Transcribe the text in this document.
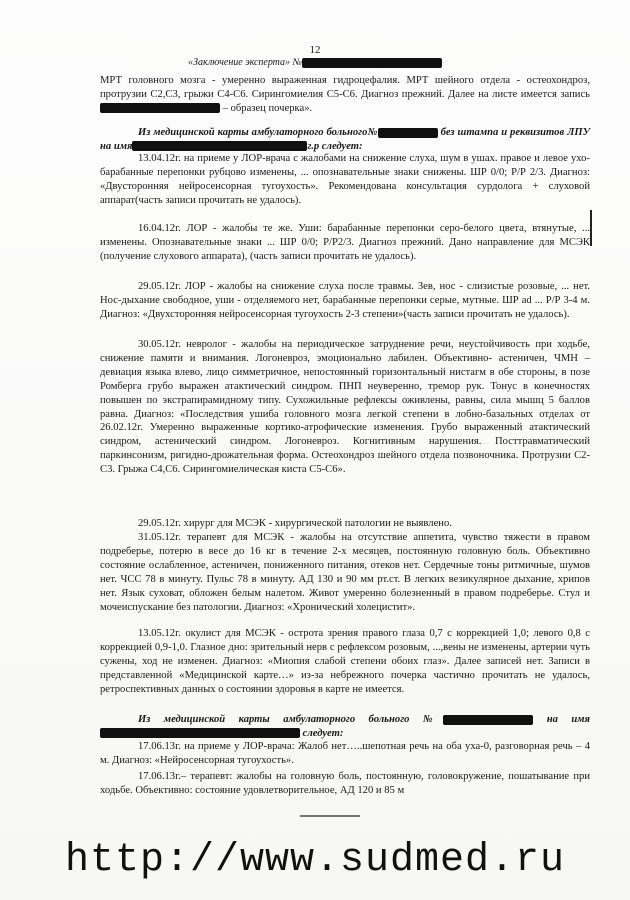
12
«Заключение эксперта» №

МРТ головного мозга - умеренно выраженная гидроцефалия. МРТ шейного отдела - остеохондроз, протрузии С2,С3, грыжи С4-С6. Сирингомиелия С5-С6. Диагноз прежний. Далее на листе имеется запись  – образец почерка».

Из медицинской карты амбулаторного больного№	без штампа и реквизитов ЛПУ на имя	г.р следует:

13.04.12г. на приеме у ЛОР-врача с жалобами на снижение слуха, шум в ушах. правое и левое ухо-барабанные перепонки рубцово изменены, ... опознавательные знаки снижены. ШР 0/0; Р/Р 2/3. Диагноз: «Двусторонняя нейросенсорная тугоухость». Рекомендована консультация сурдолога + слуховой аппарат(часть записи прочитать не удалось).

16.04.12г. ЛОР - жалобы те же. Уши: барабанные перепонки серо-белого цвета, втянутые, ... изменены. Опознавательные знаки ... ШР 0/0; Р/Р2/3. Диагноз прежний. Дано направление для МСЭК (получение слухового аппарата), (часть записи прочитать не удалось).

29.05.12г. ЛОР - жалобы на снижение слуха после травмы. Зев, нос - слизистые розовые, ... нет. Нос-дыхание свободное, уши - отделяемого нет, барабанные перепонки серые, мутные. ШР аd ... Р/Р 3-4 м. Диагноз: «Двухсторонняя нейросенсорная тугоухость 2-3 степени»(часть записи прочитать не удалось).

30.05.12г. невролог - жалобы на периодическое затруднение речи, неустойчивость при ходьбе, снижение памяти и внимания. Логоневроз, эмоционально лабилен. Объективно- астеничен, ЧМН – девиация языка влево, лицо симметричное, непостоянный горизонтальный нистагм в обе стороны, в позе Ромберга грубо выражен атактический синдром. ПНП неуверенно, тремор рук. Тонус в конечностях повышен по экстрапирамидному типу. Сухожильные рефлексы оживлены, равны, сила мышц 5 баллов равна. Диагноз: «Последствия ушиба головного мозга легкой степени в лобно-базальных отделах от 26.02.12г. Умеренно выраженные кортико-атрофические изменения. Грубо выраженный атактический синдром, астенический синдром. Логоневроз. Когнитивным нарушения. Посттравматический паркинсонизм, ригидно-дрожательная форма. Остеохондроз шейного отдела позвоночника. Протрузии С2-С3. Грыжа С4,С6. Сирингомиелическая киста С5-С6».

29.05.12г. хирург для МСЭК - хирургической патологии не выявлено.

31.05.12г. терапевт для МСЭК - жалобы на отсутствие аппетита, чувство тяжести в правом подреберье, потерю в весе до 16 кг в течение 2-х месяцев, постоянную головную боль. Объективно состояние ослабленное, астеничен, пониженного питания, отеков нет. Сердечные тоны ритмичные, шумов нет. ЧСС 78 в минуту. Пульс 78 в минуту. АД 130 и 90 мм рт.ст. В легких везикулярное дыхание, хрипов нет. Язык суховат, обложен белым налетом. Живот умеренно болезненный в правом подреберье. Стул и мочеиспускание без патологии. Диагноз: «Хронический холецистит».

13.05.12г. окулист для МСЭК - острота зрения правого глаза 0,7 с коррекцией 1,0; левого 0,8 с коррекцией 0,9-1,0. Глазное дно: зрительный нерв с рефлексом розовым, ...,вены не изменены, артерии чуть сужены, ход не изменен. Диагноз: «Миопия слабой степени обоих глаз». Далее записей нет. Записи в представленной «Медицинской карте…» из-за небрежного почерка частично прочитать не удалось, ретроспективных данных о состоянии здоровья в карте не имеется.

Из медицинской карты амбулаторного больного №	на имя  следует:

17.06.13г. на приеме у ЛОР-врача: Жалоб нет…..шепотная речь на оба уха-0, разговорная речь – 4 м. Диагноз: «Нейросенсорная тугоухость».

17.06.13г.– терапевт: жалобы на головную боль, постоянную, головокружение, пошатывание при ходьбе. Объективно: состояние удовлетворительное, АД 120 и 85 м

http://www.sudmed.ru
